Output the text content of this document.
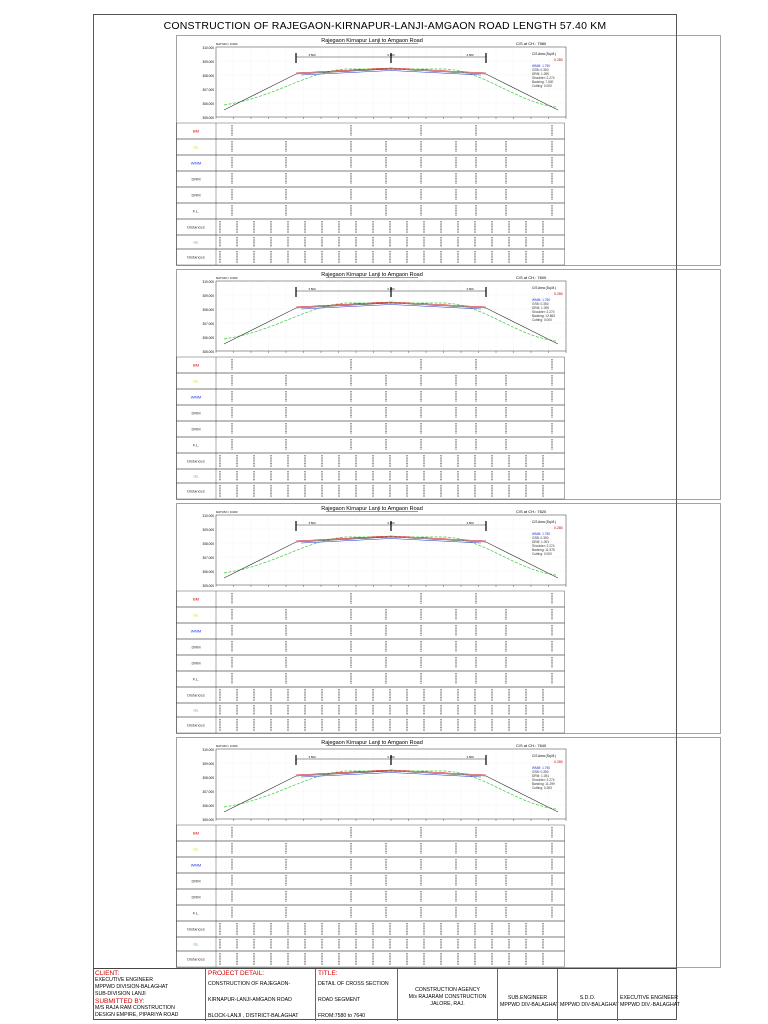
CONSTRUCTION OF RAJEGAON-KIRNAPUR-LANJI-AMGAON ROAD LENGTH 57.40 KM
Rajegaon Kirnapur Lanji to Amgaon Road	C/S at CH.: 7580
DATUM = 0.000
310.000
309.000
308.000
307.000
306.000
305.000
3.500	0.000	3.500	C/S Area (Sq.M.)
0.280
WMM: 1.750
GSB: 0.350
DRM: 1.090
Shoulder: 2.274
Banking: 7.000
Cutting: 0.000
BM
GL
WMM
DRM
DRM
F.L.
Distances
GL
Distances
Rajegaon Kirnapur Lanji to Amgaon Road	C/S at CH.: 7600
DATUM = 0.000
310.000
309.000
308.000
307.000
306.000
305.000
3.500	0.000	3.500	C/S Area (Sq.M.)
0.280
WMM: 1.750
GSB: 0.350
DRM: 1.090
Shoulder: 2.274
Banking: 12.863
Cutting: 0.000
BM
GL
WMM
DRM
DRM
F.L.
Distances
GL
Distances
Rajegaon Kirnapur Lanji to Amgaon Road	C/S at CH.: 7620
DATUM = 0.000
310.000
309.000
308.000
307.000
306.000
305.000
3.500	0.000	3.500	C/S Area (Sq.M.)
0.280
WMM: 1.750
GSB: 0.350
DRM: 1.091
Shoulder: 2.274
Banking: 11.575
Cutting: 0.000
BM
GL
WMM
DRM
DRM
F.L.
Distances
GL
Distances
Rajegaon Kirnapur Lanji to Amgaon Road	C/S at CH.: 7640
DATUM = 0.000
310.000
309.000
308.000
307.000
306.000
305.000
3.500	0.000	3.500	C/S Area (Sq.M.)
0.280
WMM: 1.750
GSB: 0.350
DRM: 1.091
Shoulder: 2.274
Banking: 11.299
Cutting: 0.283
BM
GL
WMM
DRM
DRM
F.L.
Distances
GL
Distances
CLIENT:
EXECUTIVE ENGINEER
MPPWD DIVISION-BALAGHAT
SUB-DIVISION LANJI
SUBMITTED BY:
M/S RAJA RAM CONSTRUCTION
DESIGN EMPIRE, PIPARIYA ROAD
PROJECT DETAIL:
CONSTRUCTION OF RAJEGAON-
KIRNAPUR-LANJI-AMGAON ROAD
BLOCK-LANJI , DISTRICT-BALAGHAT
TITLE:
DETAIL OF CROSS SECTION
ROAD SEGMENT
FROM:7580 to 7640
CONSTRUCTION AGENCY
M/s RAJARAM CONSTRUCTION
JALORE, RAJ.
SUB.ENGINEER
MPPWD DIV-BALAGHAT
S.D.O.
MPPWD DIV-BALAGHAT
EXECUTIVE ENGINEER
MPPWD DIV.-BALAGHAT
